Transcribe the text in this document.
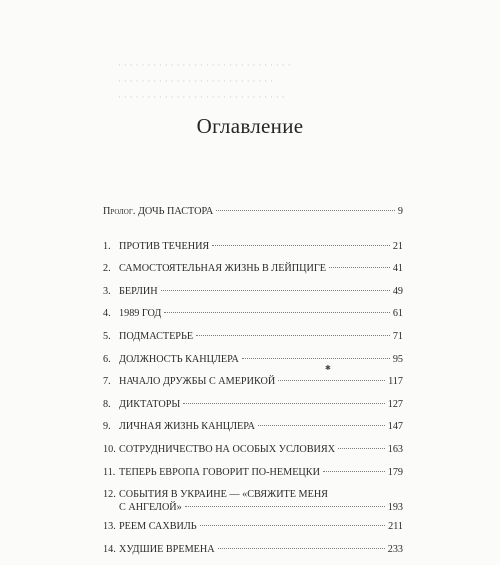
· · · · · · · · · · · · · · · · · · · · · · · · · · · · · ·
· · · · · · · · · · · · · · · · · · · · · · · · · · ·
· · · · · · · · · · · · · · · · · · · · · · · · · · · · ·
Оглавление
Пролог. ДОЧЬ ПАСТОРА	9
1. ПРОТИВ ТЕЧЕНИЯ	21
2. САМОСТОЯТЕЛЬНАЯ ЖИЗНЬ В ЛЕЙПЦИГЕ	41
3. БЕРЛИН	49
4. 1989 ГОД	61
5. ПОДМАСТЕРЬЕ	71
6. ДОЛЖНОСТЬ КАНЦЛЕРА	95
7. НАЧАЛО ДРУЖБЫ С АМЕРИКОЙ	117
8. ДИКТАТОРЫ	127
9. ЛИЧНАЯ ЖИЗНЬ КАНЦЛЕРА	147
10. СОТРУДНИЧЕСТВО НА ОСОБЫХ УСЛОВИЯХ	163
11. ТЕПЕРЬ ЕВРОПА ГОВОРИТ ПО-НЕМЕЦКИ	179
12. СОБЫТИЯ В УКРАИНЕ — «СВЯЖИТЕ МЕНЯ
С АНГЕЛОЙ»	193
13. РЕЕМ САХВИЛЬ	211
14. ХУДШИЕ ВРЕМЕНА	233
✱
